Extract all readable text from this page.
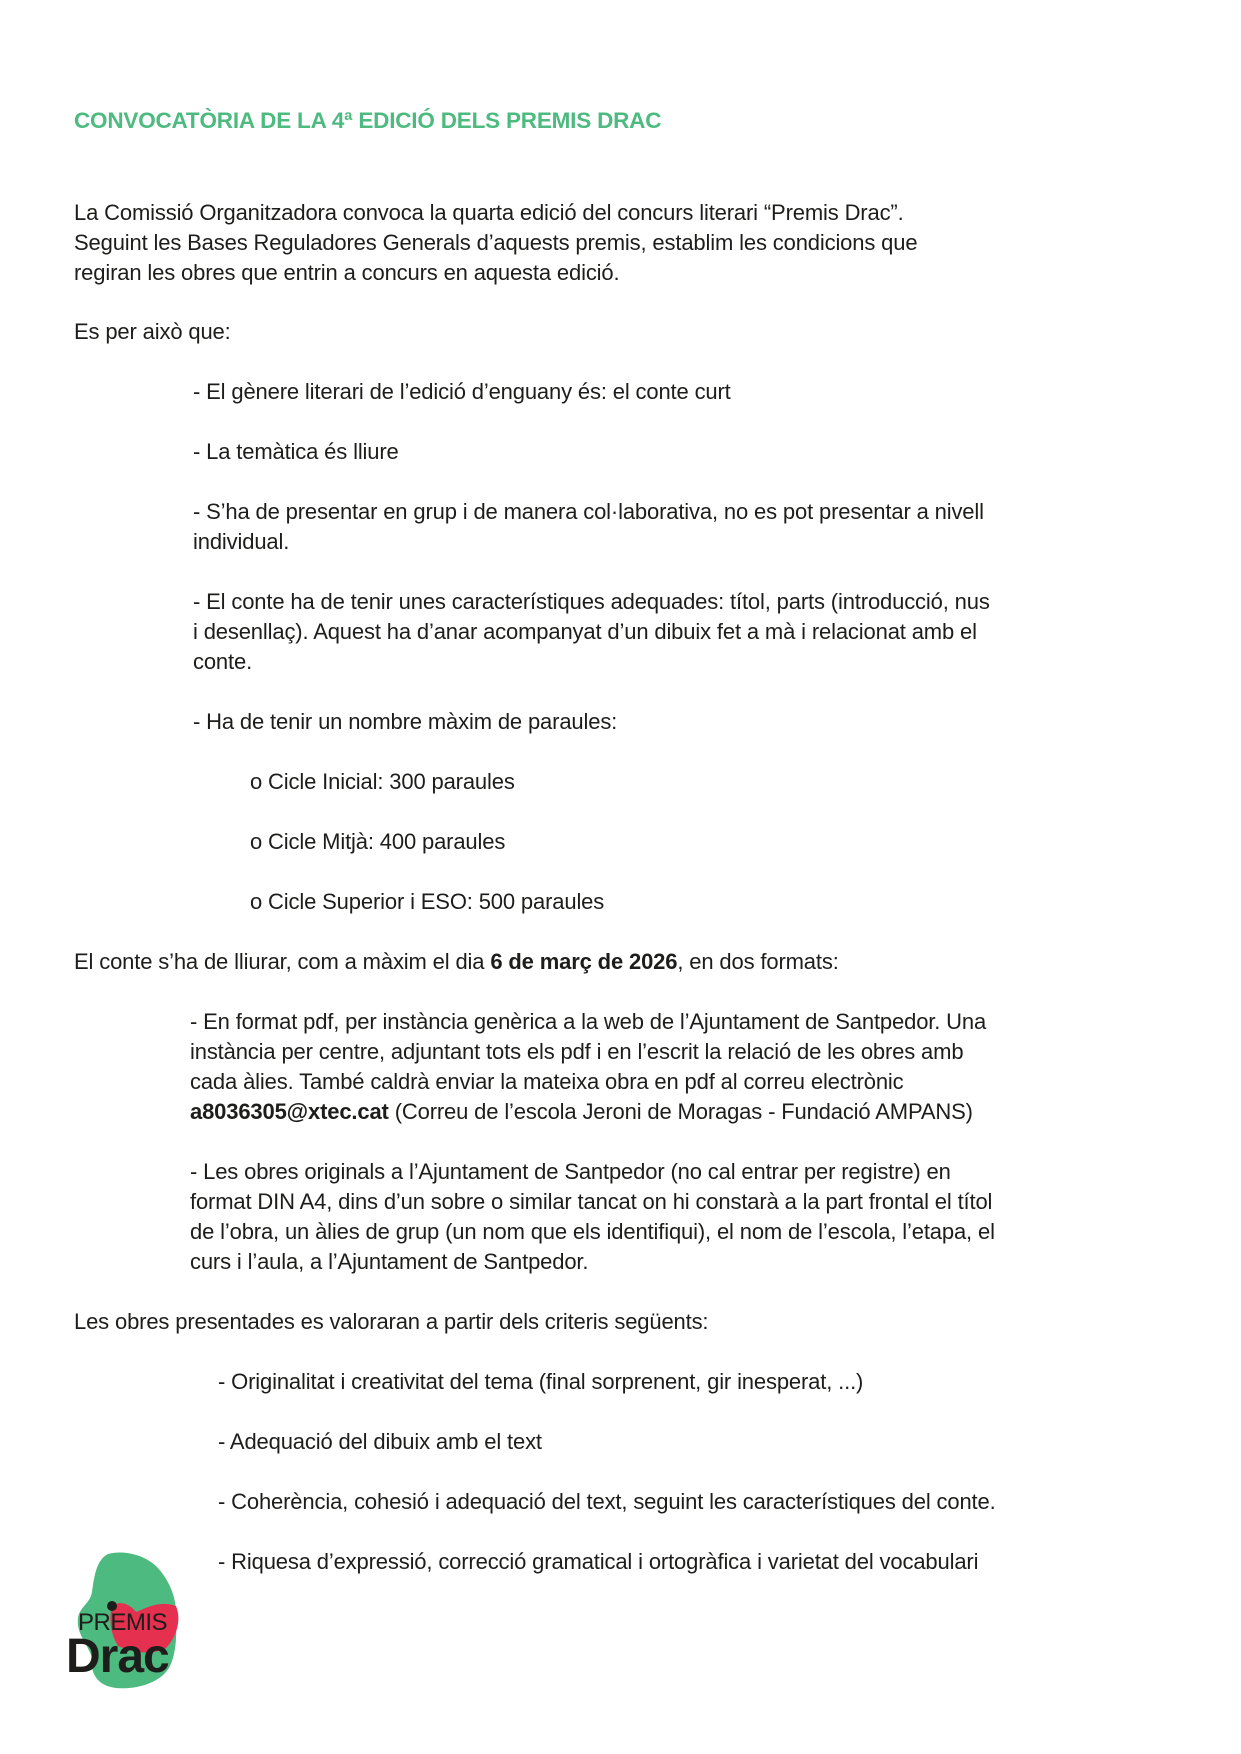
CONVOCATÒRIA DE LA 4ª EDICIÓ DELS PREMIS DRAC
La Comissió Organitzadora convoca la quarta edició del concurs literari “Premis Drac”.
Seguint les Bases Reguladores Generals d’aquests premis, establim les condicions que
regiran les obres que entrin a concurs en aquesta edició.
Es per això que:
- El gènere literari de l’edició d’enguany és: el conte curt
- La temàtica és lliure
- S’ha de presentar en grup i de manera col·laborativa, no es pot presentar a nivell
individual.
- El conte ha de tenir unes característiques adequades: títol, parts (introducció, nus
i desenllaç). Aquest ha d’anar acompanyat d’un dibuix fet a mà i relacionat amb el
conte.
- Ha de tenir un nombre màxim de paraules:
o Cicle Inicial: 300 paraules
o Cicle Mitjà: 400 paraules
o Cicle Superior i ESO: 500 paraules
El conte s’ha de lliurar, com a màxim el dia 6 de març de 2026, en dos formats:
- En format pdf, per instància genèrica a la web de l’Ajuntament de Santpedor. Una
instància per centre, adjuntant tots els pdf i en l’escrit la relació de les obres amb
cada àlies. També caldrà enviar la mateixa obra en pdf al correu electrònic
a8036305@xtec.cat (Correu de l’escola Jeroni de Moragas - Fundació AMPANS)
- Les obres originals a l’Ajuntament de Santpedor (no cal entrar per registre) en
format DIN A4, dins d’un sobre o similar tancat on hi constarà a la part frontal el títol
de l’obra, un àlies de grup (un nom que els identifiqui), el nom de l’escola, l’etapa, el
curs i l’aula, a l’Ajuntament de Santpedor.
Les obres presentades es valoraran a partir dels criteris següents:
- Originalitat i creativitat del tema (final sorprenent, gir inesperat, ...)
- Adequació del dibuix amb el text
- Coherència, cohesió i adequació del text, seguint les característiques del conte.
- Riquesa d’expressió, correcció gramatical i ortogràfica i varietat del vocabulari
PREMIS
Drac
